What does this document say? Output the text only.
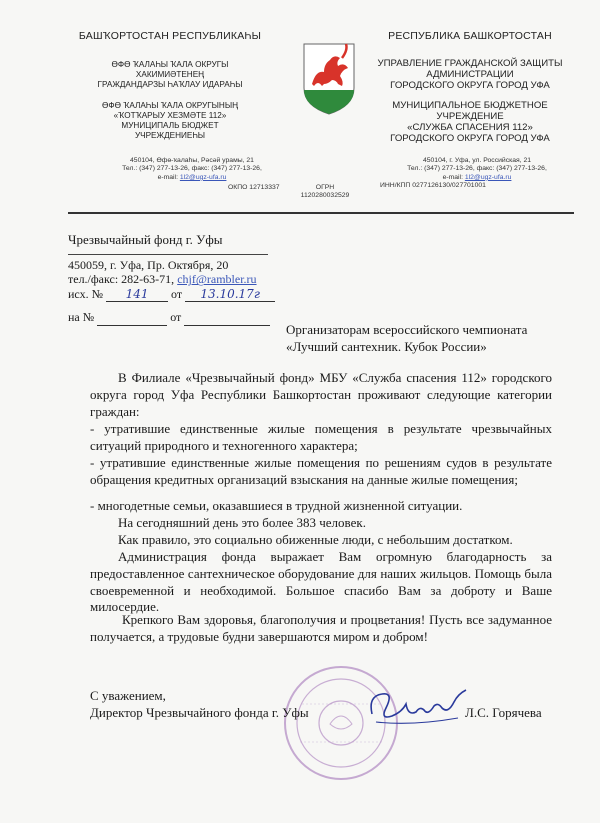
БАШҠОРТОСТАН РЕСПУБЛИКАҺЫ
ӨФӨ ҠАЛАҺЫ ҠАЛА ОКРУГЫ
ХАКИМИӘТЕНЕҢ
ГРАЖДАНДАРЗЫ ҺАҠЛАУ ИДАРАҺЫ
ӨФӨ ҠАЛАҺЫ ҠАЛА ОКРУГЫНЫҢ
«ҠОТҠАРЫУ ХЕЗМӘТЕ 112»
МУНИЦИПАЛЬ БЮДЖЕТ
УЧРЕЖДЕНИЕҺЫ
450104, Өфө-ҡалаһы, Рәсәй урамы, 21
Тел.: (347) 277-13-26, факс: (347) 277-13-26,
e-mail: 1l2@ugz-ufa.ru
ОКПО 12713337	ОГРН
1120280032529
РЕСПУБЛИКА БАШКОРТОСТАН
УПРАВЛЕНИЕ ГРАЖДАНСКОЙ ЗАЩИТЫ
АДМИНИСТРАЦИИ
ГОРОДСКОГО ОКРУГА ГОРОД УФА
МУНИЦИПАЛЬНОЕ БЮДЖЕТНОЕ
УЧРЕЖДЕНИЕ
«СЛУЖБА СПАСЕНИЯ 112»
ГОРОДСКОГО ОКРУГА ГОРОД УФА
450104, г. Уфа, ул. Российская, 21
Тел.: (347) 277-13-26, факс: (347) 277-13-26,
e-mail: 1l2@ugz-ufa.ru
ИНН/КПП 0277126130/027701001
Чрезвычайный фонд г. Уфы
450059, г. Уфа, Пр. Октября, 20
тел./факс: 282-63-71, chjf@rambler.ru
исх. № 141 от 13.10.17г
на №	от
Организаторам всероссийского чемпионата
«Лучший сантехник. Кубок России»
В Филиале «Чрезвычайный фонд» МБУ «Служба спасения 112» городского округа город Уфа Республики Башкортостан проживают следующие категории граждан:
- утратившие единственные жилые помещения в результате чрезвычайных ситуаций природного и техногенного характера;
- утратившие единственные жилые помещения по решениям судов в результате обращения кредитных организаций взыскания на данные жилые помещения;
- многодетные семьи, оказавшиеся в трудной жизненной ситуации.
На сегодняшний день это более 383 человек.
Как правило, это социально обиженные люди, с небольшим достатком.
Администрация фонда выражает Вам огромную благодарность за предоставленное сантехническое оборудование для наших жильцов. Помощь была своевременной и необходимой. Большое спасибо Вам за доброту и Ваше милосердие.
Крепкого Вам здоровья, благополучия и процветания! Пусть все задуманное получается, а трудовые будни завершаются миром и добром!
С уважением,
Директор Чрезвычайного фонда г. Уфы	Л.С. Горячева
